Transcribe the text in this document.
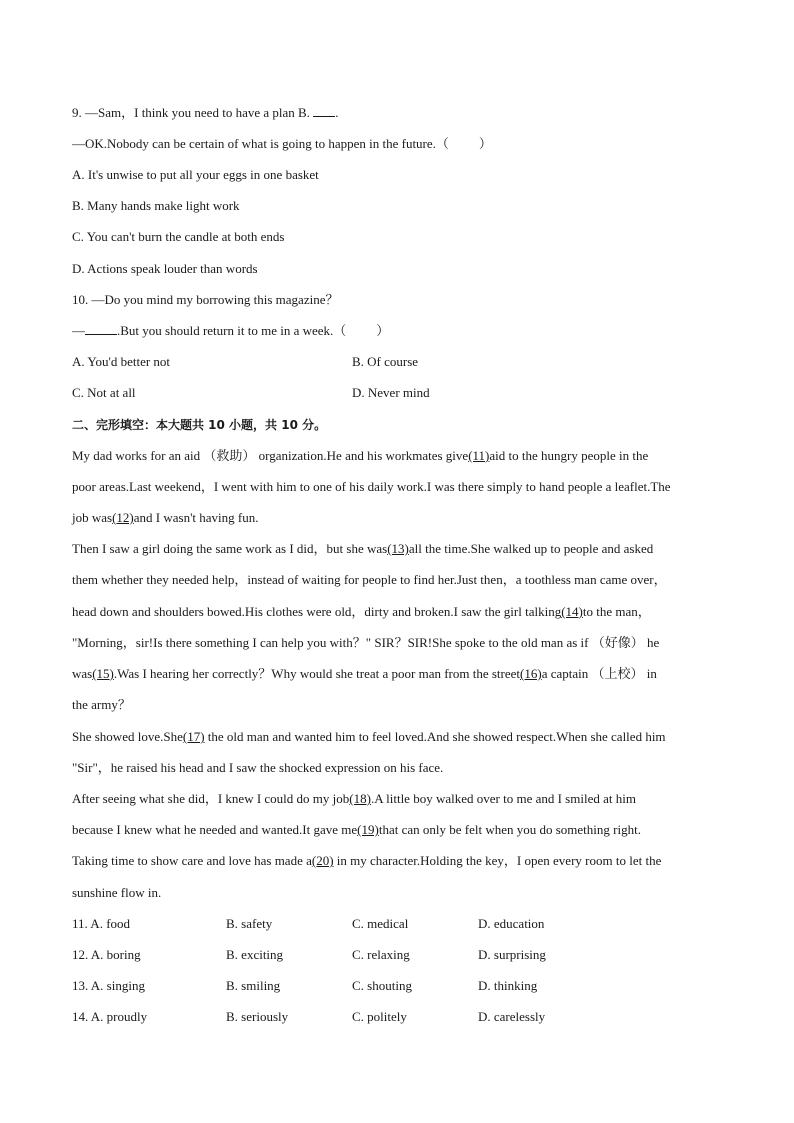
9. —Sam，I think you need to have a plan B. .
—OK.Nobody can be certain of what is going to happen in the future.（ ）
A. It's unwise to put all your eggs in one basket
B. Many hands make light work
C. You can't burn the candle at both ends
D. Actions speak louder than words
10. —Do you mind my borrowing this magazine？
— .But you should return it to me in a week.（ ）
A. You'd better not	B. Of course
C. Not at all	D. Never mind
二、完形填空：本大题共 10 小题，共 10 分。
My dad works for an aid （救助） organization.He and his workmates give(11)aid to the hungry people in the
poor areas.Last weekend，I went with him to one of his daily work.I was there simply to hand people a leaflet.The
job was(12)and I wasn't having fun.
Then I saw a girl doing the same work as I did，but she was(13)all the time.She walked up to people and asked
them whether they needed help，instead of waiting for people to find her.Just then，a toothless man came over，
head down and shoulders bowed.His clothes were old，dirty and broken.I saw the girl talking(14)to the man，
"Morning，sir!Is there something I can help you with？" SIR？SIR!She spoke to the old man as if （好像） he
was(15).Was I hearing her correctly？Why would she treat a poor man from the street(16)a captain （上校） in
the army？
She showed love.She(17) the old man and wanted him to feel loved.And she showed respect.When she called him
"Sir"，he raised his head and I saw the shocked expression on his face.
After seeing what she did，I knew I could do my job(18).A little boy walked over to me and I smiled at him
because I knew what he needed and wanted.It gave me(19)that can only be felt when you do something right.
Taking time to show care and love has made a(20) in my character.Holding the key，I open every room to let the
sunshine flow in.
11. A. food	B. safety	C. medical	D. education
12. A. boring	B. exciting	C. relaxing	D. surprising
13. A. singing	B. smiling	C. shouting	D. thinking
14. A. proudly	B. seriously	C. politely	D. carelessly
